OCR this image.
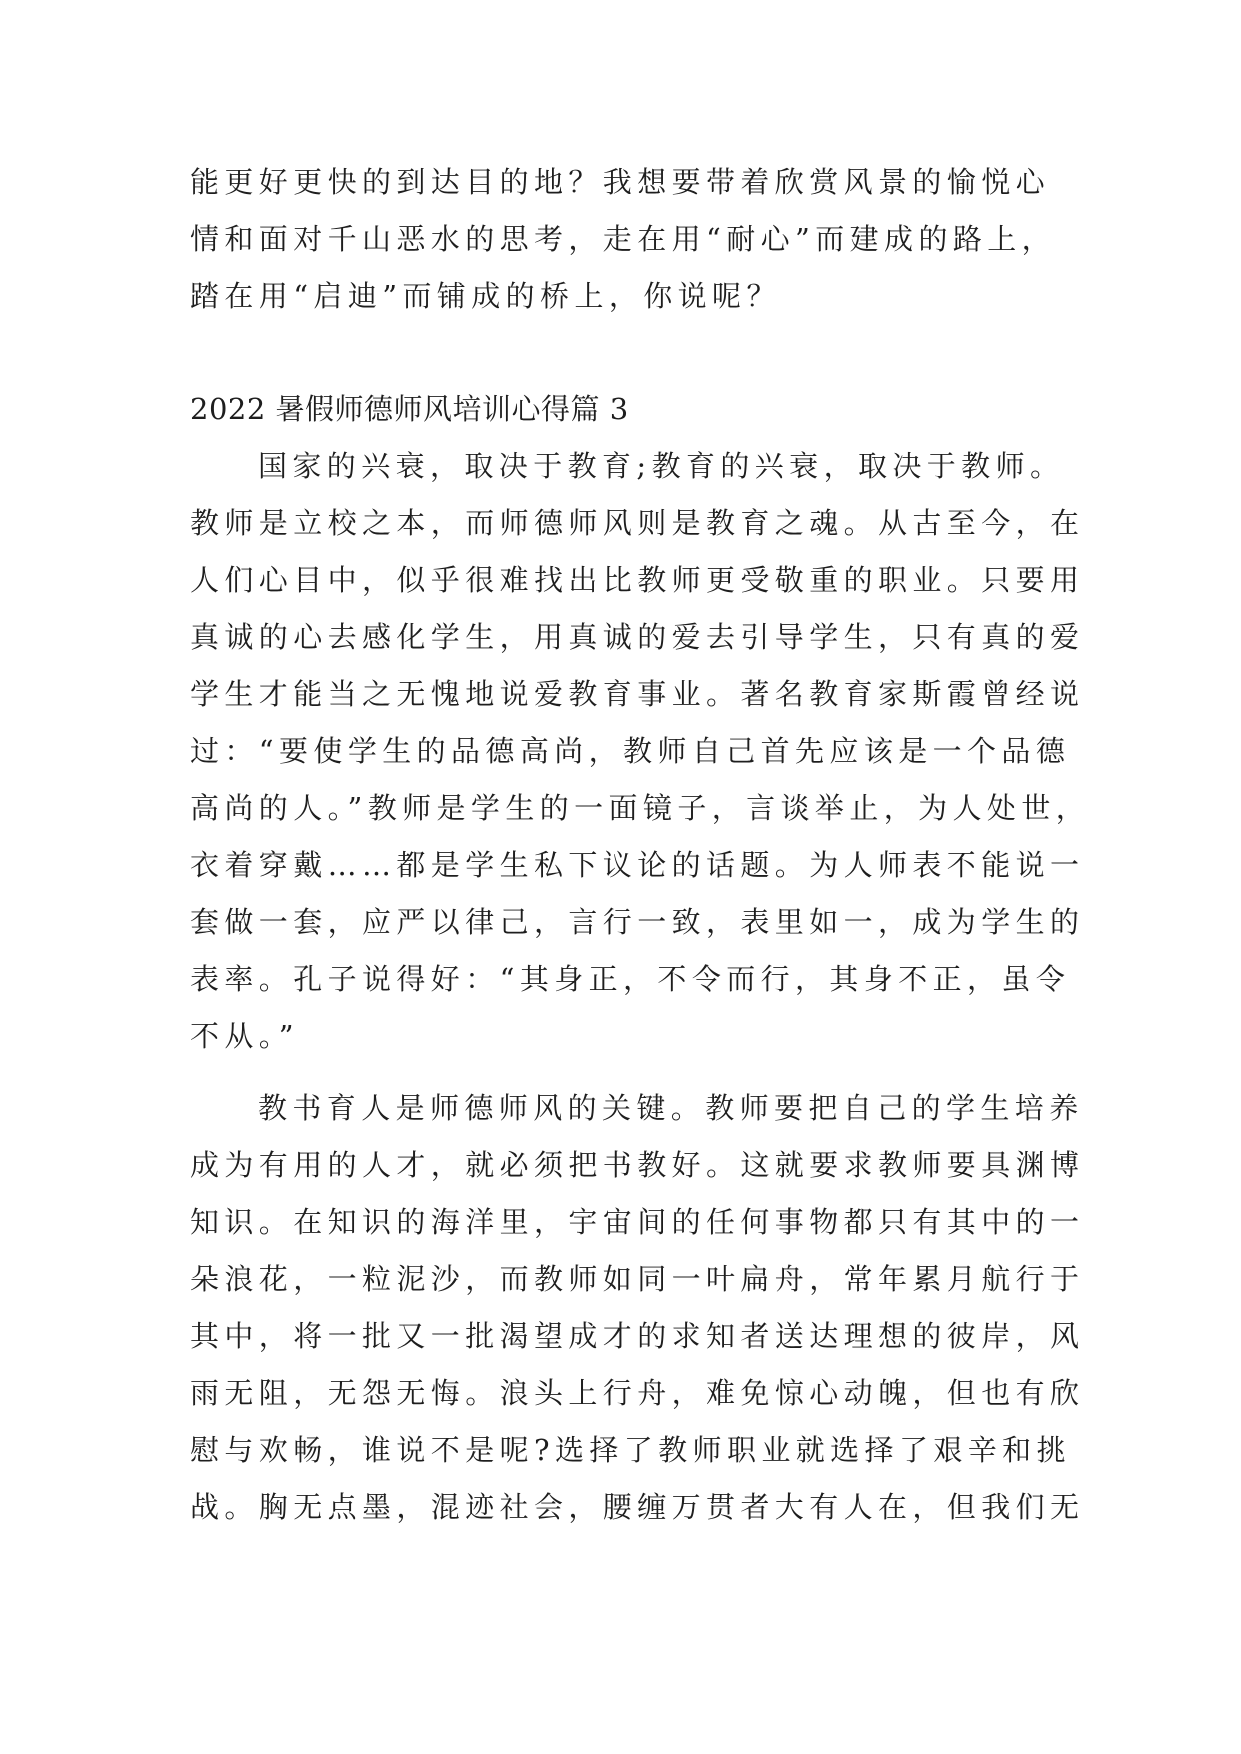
能更好更快的到达目的地？我想要带着欣赏风景的愉悦心

情和面对千山恶水的思考，走在用“耐心”而建成的路上，

踏在用“启迪”而铺成的桥上，你说呢？

2022 暑假师德师风培训心得篇 3

国家的兴衰，取决于教育;教育的兴衰，取决于教师。

教师是立校之本，而师德师风则是教育之魂。从古至今，在

人们心目中，似乎很难找出比教师更受敬重的职业。只要用

真诚的心去感化学生，用真诚的爱去引导学生，只有真的爱

学生才能当之无愧地说爱教育事业。著名教育家斯霞曾经说

过：“要使学生的品德高尚，教师自己首先应该是一个品德

高尚的人。”教师是学生的一面镜子，言谈举止，为人处世，

衣着穿戴……都是学生私下议论的话题。为人师表不能说一

套做一套，应严以律己，言行一致，表里如一，成为学生的

表率。孔子说得好：“其身正，不令而行，其身不正，虽令

不从。”

教书育人是师德师风的关键。教师要把自己的学生培养

成为有用的人才，就必须把书教好。这就要求教师要具渊博

知识。在知识的海洋里，宇宙间的任何事物都只有其中的一

朵浪花，一粒泥沙，而教师如同一叶扁舟，常年累月航行于

其中，将一批又一批渴望成才的求知者送达理想的彼岸，风

雨无阻，无怨无悔。浪头上行舟，难免惊心动魄，但也有欣

慰与欢畅，谁说不是呢?选择了教师职业就选择了艰辛和挑

战。胸无点墨，混迹社会，腰缠万贯者大有人在，但我们无
